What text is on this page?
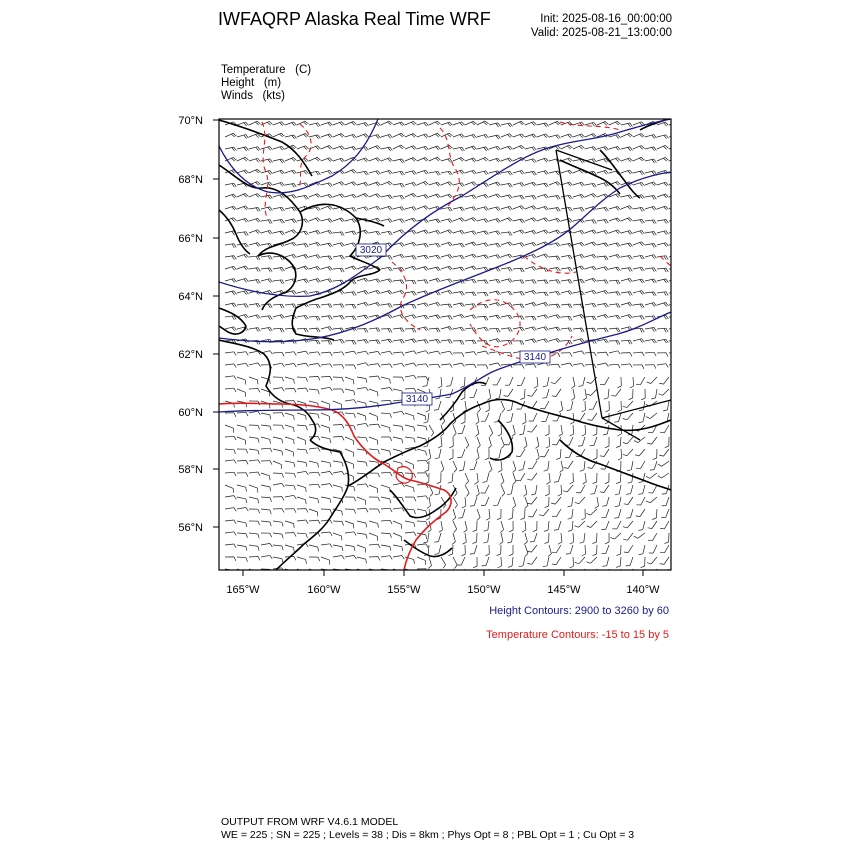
IWFAQRP Alaska Real Time WRF	Init: 2025-08-16_00:00:00
Valid: 2025-08-21_13:00:00
Temperature (C)
Height (m)
Winds (kts)
3020
3140
3140
70°N
68°N
66°N
64°N
62°N
60°N
58°N
56°N
165°W	160°W	155°W	150°W	145°W	140°W
Height Contours: 2900 to 3260 by 60
Temperature Contours: -15 to 15 by 5
OUTPUT FROM WRF V4.6.1 MODEL
WE = 225 ; SN = 225 ; Levels = 38 ; Dis = 8km ; Phys Opt = 8 ; PBL Opt = 1 ; Cu Opt = 3
